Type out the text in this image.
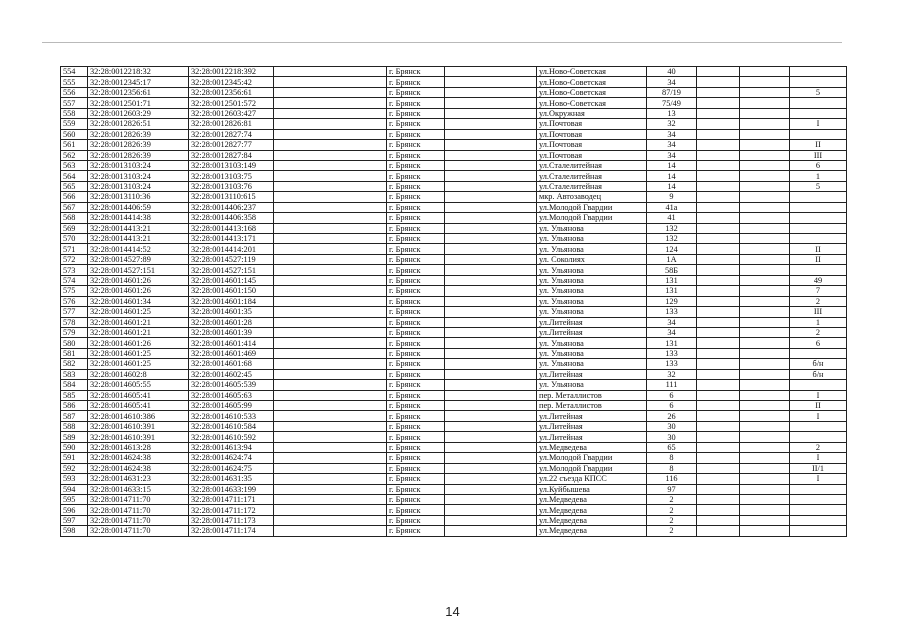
554	32:28:0012218:32	32:28:0012218:392		г. Брянск		ул.Ново-Советская	40			
555	32:28:0012345:17	32:28:0012345:42		г. Брянск		ул.Ново-Советская	34			
556	32:28:0012356:61	32:28:0012356:61		г. Брянск		ул.Ново-Советская	87/19			5
557	32:28:0012501:71	32:28:0012501:572		г. Брянск		ул.Ново-Советская	75/49			
558	32:28:0012603:29	32:28:0012603:427		г. Брянск		ул.Окружная	13			
559	32:28:0012826:51	32:28:0012826:81		г. Брянск		ул.Почтовая	32			I
560	32:28:0012826:39	32:28:0012827:74		г. Брянск		ул.Почтовая	34			
561	32:28:0012826:39	32:28:0012827:77		г. Брянск		ул.Почтовая	34			II
562	32:28:0012826:39	32:28:0012827:84		г. Брянск		ул.Почтовая	34			III
563	32:28:0013103:24	32:28:0013103:149		г. Брянск		ул.Сталелитейная	14			6
564	32:28:0013103:24	32:28:0013103:75		г. Брянск		ул.Сталелитейная	14			1
565	32:28:0013103:24	32:28:0013103:76		г. Брянск		ул.Сталелитейная	14			5
566	32:28:0013110:36	32:28:0013110:615		г. Брянск		мкр. Автозаводец	9			
567	32:28:0014406:59	32:28:0014406:237		г. Брянск		ул.Молодой Гвардии	41а			
568	32:28:0014414:38	32:28:0014406:358		г. Брянск		ул.Молодой Гвардии	41			
569	32:28:0014413:21	32:28:0014413:168		г. Брянск		ул. Ульянова	132			
570	32:28:0014413:21	32:28:0014413:171		г. Брянск		ул. Ульянова	132			
571	32:28:0014414:52	32:28:0014414:201		г. Брянск		ул. Ульянова	124			II
572	32:28:0014527:89	32:28:0014527:119		г. Брянск		ул. Соколиях	1А			II
573	32:28:0014527:151	32:28:0014527:151		г. Брянск		ул. Ульянова	58Б			
574	32:28:0014601:26	32:28:0014601:145		г. Брянск		ул. Ульянова	131			49
575	32:28:0014601:26	32:28:0014601:150		г. Брянск		ул. Ульянова	131			7
576	32:28:0014601:34	32:28:0014601:184		г. Брянск		ул. Ульянова	129			2
577	32:28:0014601:25	32:28:0014601:35		г. Брянск		ул. Ульянова	133			III
578	32:28:0014601:21	32:28:0014601:28		г. Брянск		ул.Литейная	34			1
579	32:28:0014601:21	32:28:0014601:39		г. Брянск		ул.Литейная	34			2
580	32:28:0014601:26	32:28:0014601:414		г. Брянск		ул. Ульянова	131			6
581	32:28:0014601:25	32:28:0014601:469		г. Брянск		ул. Ульянова	133			
582	32:28:0014601:25	32:28:0014601:68		г. Брянск		ул. Ульянова	133			б/н
583	32:28:0014602:8	32:28:0014602:45		г. Брянск		ул.Литейная	32			б/н
584	32:28:0014605:55	32:28:0014605:539		г. Брянск		ул. Ульянова	111			
585	32:28:0014605:41	32:28:0014605:63		г. Брянск		пер. Металлистов	6			I
586	32:28:0014605:41	32:28:0014605:99		г. Брянск		пер. Металлистов	6			II
587	32:28:0014610:386	32:28:0014610:533		г. Брянск		ул.Литейная	26			I
588	32:28:0014610:391	32:28:0014610:584		г. Брянск		ул.Литейная	30			
589	32:28:0014610:391	32:28:0014610:592		г. Брянск		ул.Литейная	30			
590	32:28:0014613:28	32:28:0014613:94		г. Брянск		ул.Медведева	65			2
591	32:28:0014624:38	32:28:0014624:74		г. Брянск		ул.Молодой Гвардии	8			I
592	32:28:0014624:38	32:28:0014624:75		г. Брянск		ул.Молодой Гвардии	8			II/1
593	32:28:0014631:23	32:28:0014631:35		г. Брянск		ул.22 съезда КПСС	116			I
594	32:28:0014633:15	32:28:0014633:199		г. Брянск		ул.Куйбышева	97			
595	32:28:0014711:70	32:28:0014711:171		г. Брянск		ул.Медведева	2			
596	32:28:0014711:70	32:28:0014711:172		г. Брянск		ул.Медведева	2			
597	32:28:0014711:70	32:28:0014711:173		г. Брянск		ул.Медведева	2			
598	32:28:0014711:70	32:28:0014711:174		г. Брянск		ул.Медведева	2			
14
